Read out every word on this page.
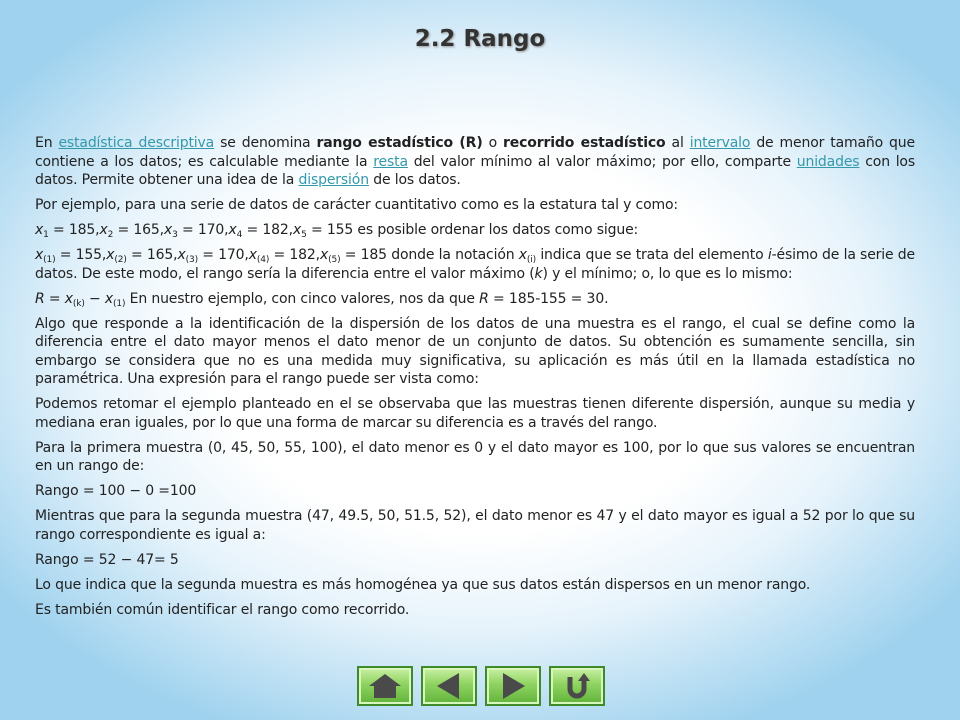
2.2 Rango

En estadística descriptiva se denomina rango estadístico (R) o recorrido estadístico al intervalo de menor tamaño que contiene a los datos; es calculable mediante la resta del valor mínimo al valor máximo; por ello, comparte unidades con los datos. Permite obtener una idea de la dispersión de los datos.

Por ejemplo, para una serie de datos de carácter cuantitativo como es la estatura tal y como:

$x_1 = 185,x_2 = 165,x_3 = 170,x_4 = 182,x_5 = 155$ es posible ordenar los datos como sigue:

$x_{(1)} = 155,x_{(2)} = 165,x_{(3)} = 170,x_{(4)} = 182,x_{(5)} = 185$ donde la notación $x_{(i)}$ indica que se trata del elemento i-ésimo de la serie de datos. De este modo, el rango sería la diferencia entre el valor máximo (k) y el mínimo; o, lo que es lo mismo:

$R = x_{(k)} - x_{(1)}$ En nuestro ejemplo, con cinco valores, nos da que R = 185-155 = 30.

Algo que responde a la identificación de la dispersión de los datos de una muestra es el rango, el cual se define como la diferencia entre el dato mayor menos el dato menor de un conjunto de datos. Su obtención es sumamente sencilla, sin embargo se considera que no es una medida muy significativa, su aplicación es más útil en la llamada estadística no paramétrica. Una expresión para el rango puede ser vista como:

Podemos retomar el ejemplo planteado en el se observaba que las muestras tienen diferente dispersión, aunque su media y mediana eran iguales, por lo que una forma de marcar su diferencia es a través del rango.

Para la primera muestra (0, 45, 50, 55, 100), el dato menor es 0 y el dato mayor es 100, por lo que sus valores se encuentran en un rango de:

Rango = 100 − 0 =100

Mientras que para la segunda muestra (47, 49.5, 50, 51.5, 52), el dato menor es 47 y el dato mayor es igual a 52 por lo que su rango correspondiente es igual a:

Rango = 52 − 47= 5

Lo que indica que la segunda muestra es más homogénea ya que sus datos están dispersos en un menor rango.

Es también común identificar el rango como recorrido.
